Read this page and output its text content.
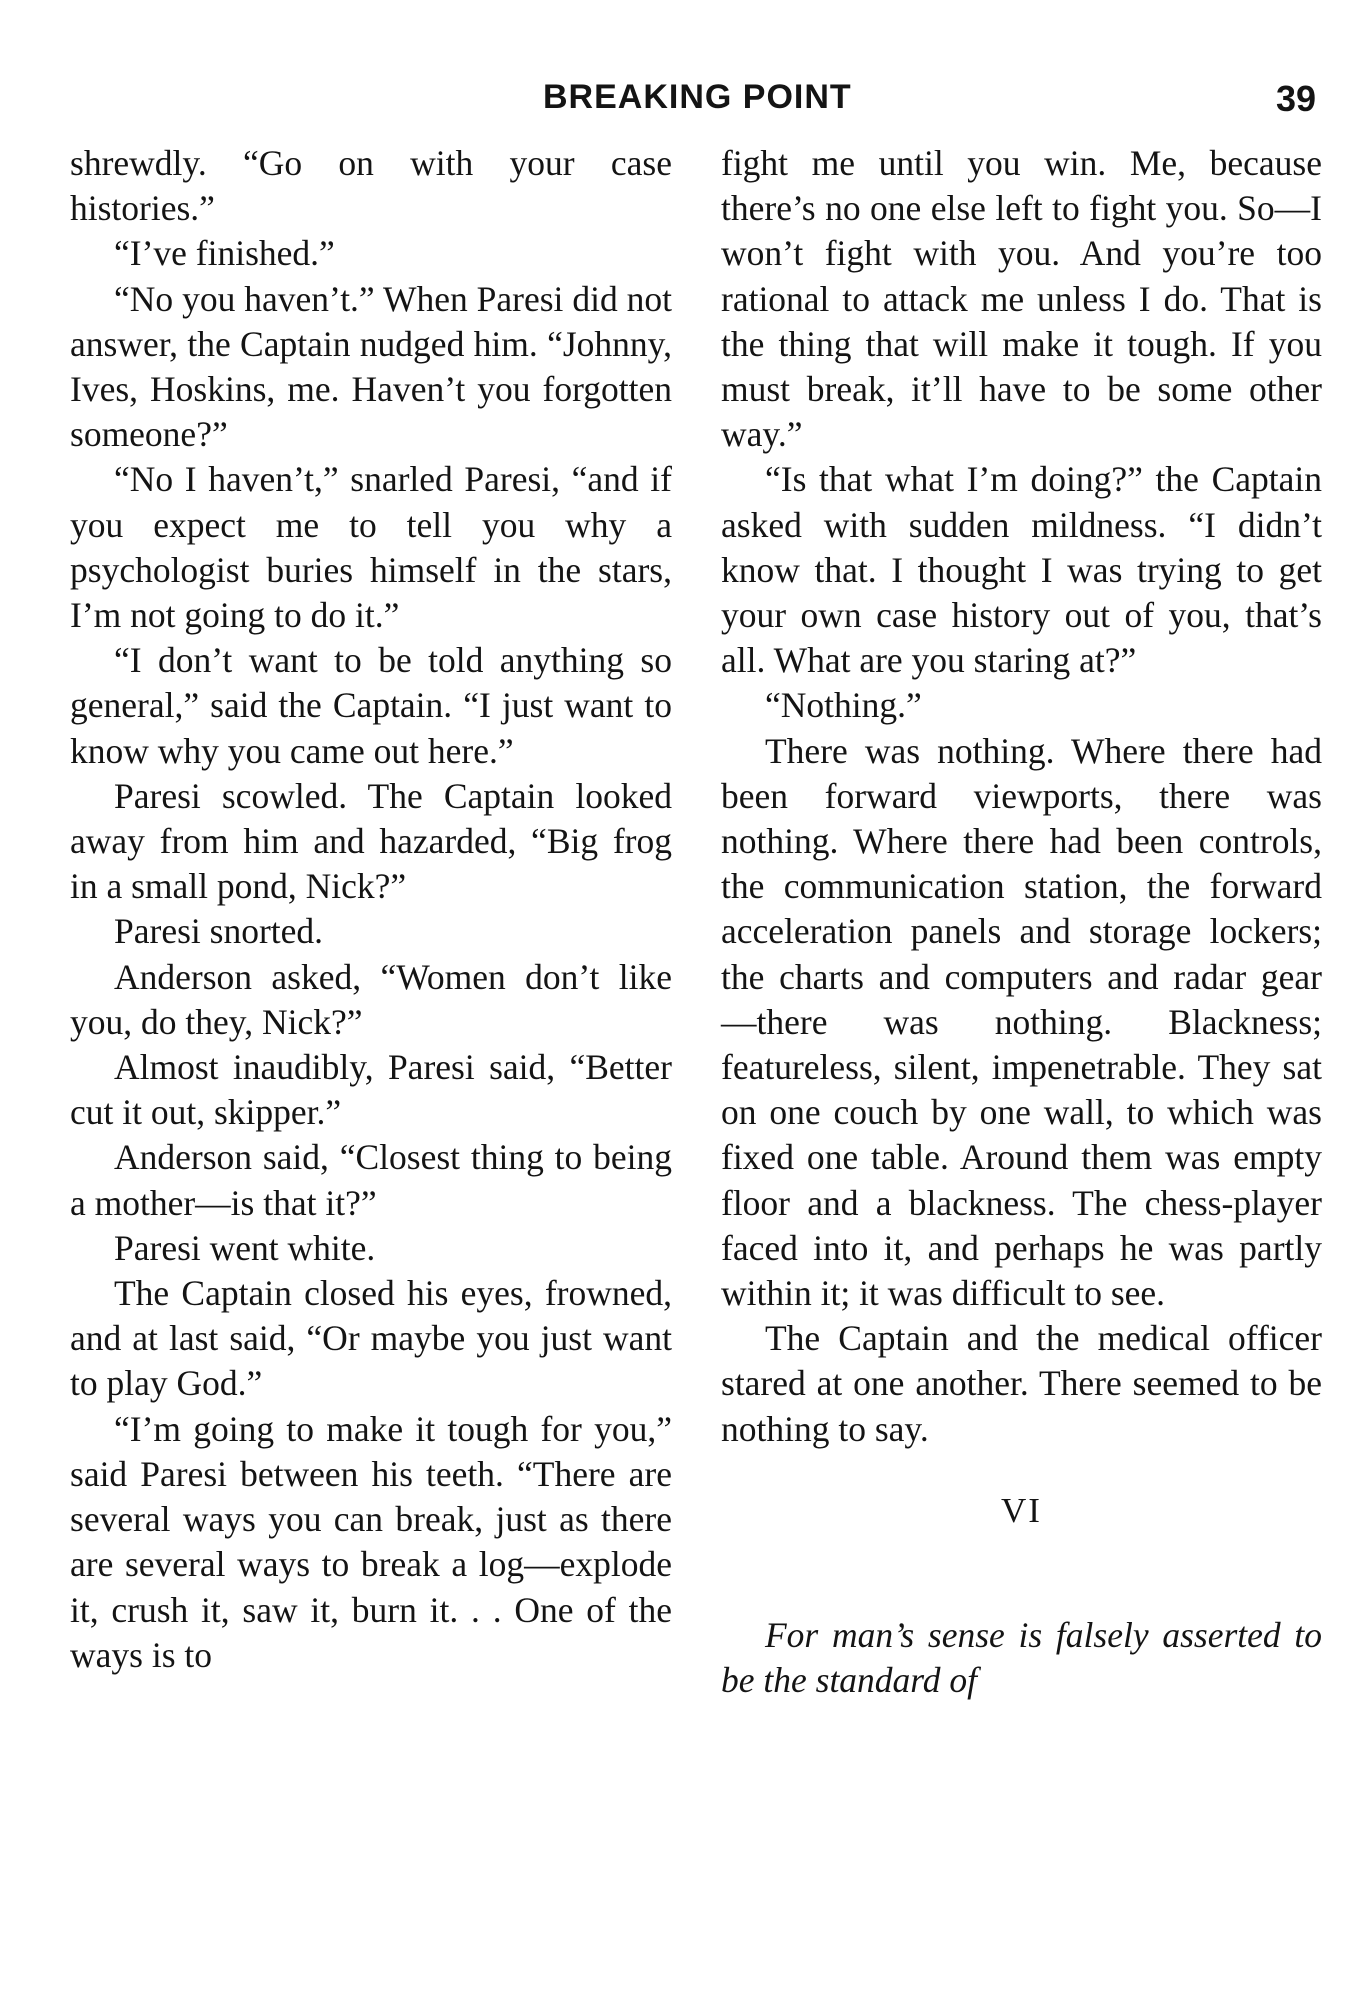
BREAKING POINT	39

shrewdly. “Go on with your case histories.”

“I’ve finished.”

“No you haven’t.” When Paresi did not answer, the Captain nudged him. “Johnny, Ives, Hoskins, me. Haven’t you forgotten someone?”

“No I haven’t,” snarled Paresi, “and if you expect me to tell you why a psychologist buries himself in the stars, I’m not going to do it.”

“I don’t want to be told anything so general,” said the Captain. “I just want to know why you came out here.”

Paresi scowled. The Captain looked away from him and hazarded, “Big frog in a small pond, Nick?”

Paresi snorted.

Anderson asked, “Women don’t like you, do they, Nick?”

Almost inaudibly, Paresi said, “Better cut it out, skipper.”

Anderson said, “Closest thing to being a mother—is that it?”

Paresi went white.

The Captain closed his eyes, frowned, and at last said, “Or maybe you just want to play God.”

“I’m going to make it tough for you,” said Paresi between his teeth. “There are several ways you can break, just as there are several ways to break a log—explode it, crush it, saw it, burn it. . . One of the ways is to

fight me until you win. Me, because there’s no one else left to fight you. So—I won’t fight with you. And you’re too rational to attack me unless I do. That is the thing that will make it tough. If you must break, it’ll have to be some other way.”

“Is that what I’m doing?” the Captain asked with sudden mildness. “I didn’t know that. I thought I was trying to get your own case history out of you, that’s all. What are you staring at?”

“Nothing.”

There was nothing. Where there had been forward viewports, there was nothing. Where there had been controls, the communication station, the forward acceleration panels and storage lockers; the charts and computers and radar gear—there was nothing. Blackness; featureless, silent, impenetrable. They sat on one couch by one wall, to which was fixed one table. Around them was empty floor and a blackness. The chess-player faced into it, and perhaps he was partly within it; it was difficult to see.

The Captain and the medical officer stared at one another. There seemed to be nothing to say.

VI

For man’s sense is falsely asserted to be the standard of
